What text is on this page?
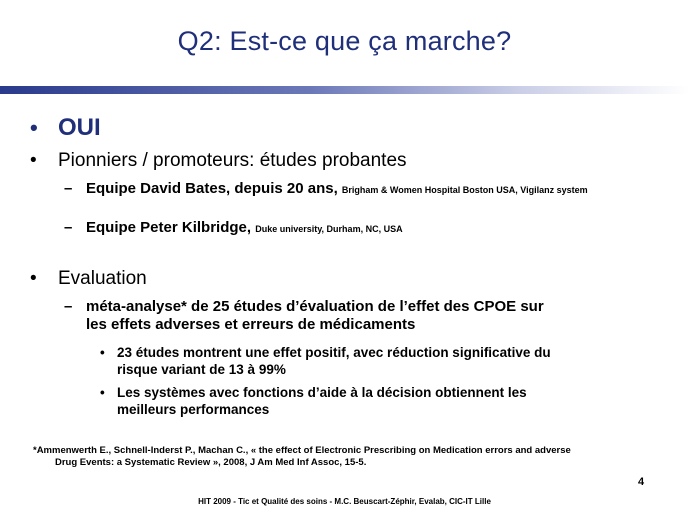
Q2: Est-ce que ça marche?
• OUI
• Pionniers / promoteurs: études probantes
– Equipe David Bates, depuis 20 ans, Brigham & Women Hospital Boston USA, Vigilanz system
– Equipe Peter Kilbridge, Duke university, Durham, NC, USA
• Evaluation
– méta-analyse* de 25 études d’évaluation de l’effet des CPOE sur
les effets adverses et erreurs de médicaments
• 23 études montrent une effet positif, avec réduction significative du
risque variant de 13 à 99%
• Les systèmes avec fonctions d’aide à la décision obtiennent les
meilleurs performances
*Ammenwerth E., Schnell-Inderst P., Machan C., « the effect of Electronic Prescribing on Medication errors and adverse
Drug Events: a Systematic Review », 2008, J Am Med Inf Assoc, 15-5.
4
HIT 2009 - Tic et Qualité des soins - M.C. Beuscart-Zéphir, Evalab, CIC-IT Lille
